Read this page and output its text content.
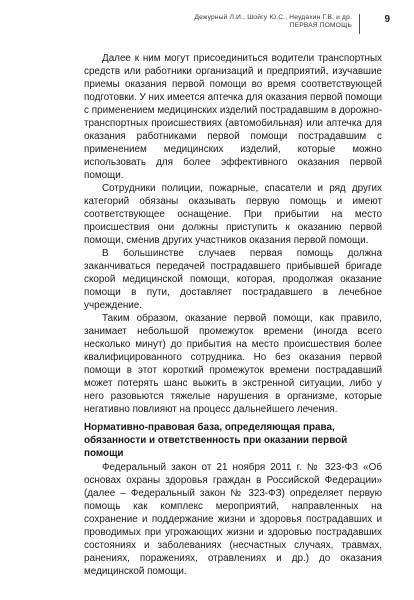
Дежурный Л.И., Шойгу Ю.С., Неудахин Г.В. и др.
ПЕРВАЯ ПОМОЩЬ
9

Далее к ним могут присоединиться водители транспортных средств или работники организаций и предприятий, изучавшие приемы оказания первой помощи во время соответствующей подготовки. У них имеется аптечка для оказания первой помощи с применением медицинских изделий пострадавшим в дорожно-транспортных происшествиях (автомобильная) или аптечка для оказания работниками первой помощи пострадавшим с применением медицинских изделий, которые можно использовать для более эффективного оказания первой помощи.

Сотрудники полиции, пожарные, спасатели и ряд других категорий обязаны оказывать первую помощь и имеют соответствующее оснащение. При прибытии на место происшествия они должны приступить к оказанию первой помощи, сменив других участников оказания первой помощи.

В большинстве случаев первая помощь должна заканчиваться передачей пострадавшего прибывшей бригаде скорой медицинской помощи, которая, продолжая оказание помощи в пути, доставляет пострадавшего в лечебное учреждение.

Таким образом, оказание первой помощи, как правило, занимает небольшой промежуток времени (иногда всего несколько минут) до прибытия на место происшествия более квалифицированного сотрудника. Но без оказания первой помощи в этот короткий промежуток времени пострадавший может потерять шанс выжить в экстренной ситуации, либо у него разовьются тяжелые нарушения в организме, которые негативно повлияют на процесс дальнейшего лечения.

Нормативно-правовая база, определяющая права, обязанности и ответственность при оказании первой помощи

Федеральный закон от 21 ноября 2011 г. № 323-ФЗ «Об основах охраны здоровья граждан в Российской Федерации» (далее – Федеральный закон № 323-ФЗ) определяет первую помощь как комплекс мероприятий, направленных на сохранение и поддержание жизни и здоровья пострадавших и проводимых при угрожающих жизни и здоровью пострадавших состояниях и заболеваниях (несчастных случаях, травмах, ранениях, поражениях, отравлениях и др.) до оказания медицинской помощи.
